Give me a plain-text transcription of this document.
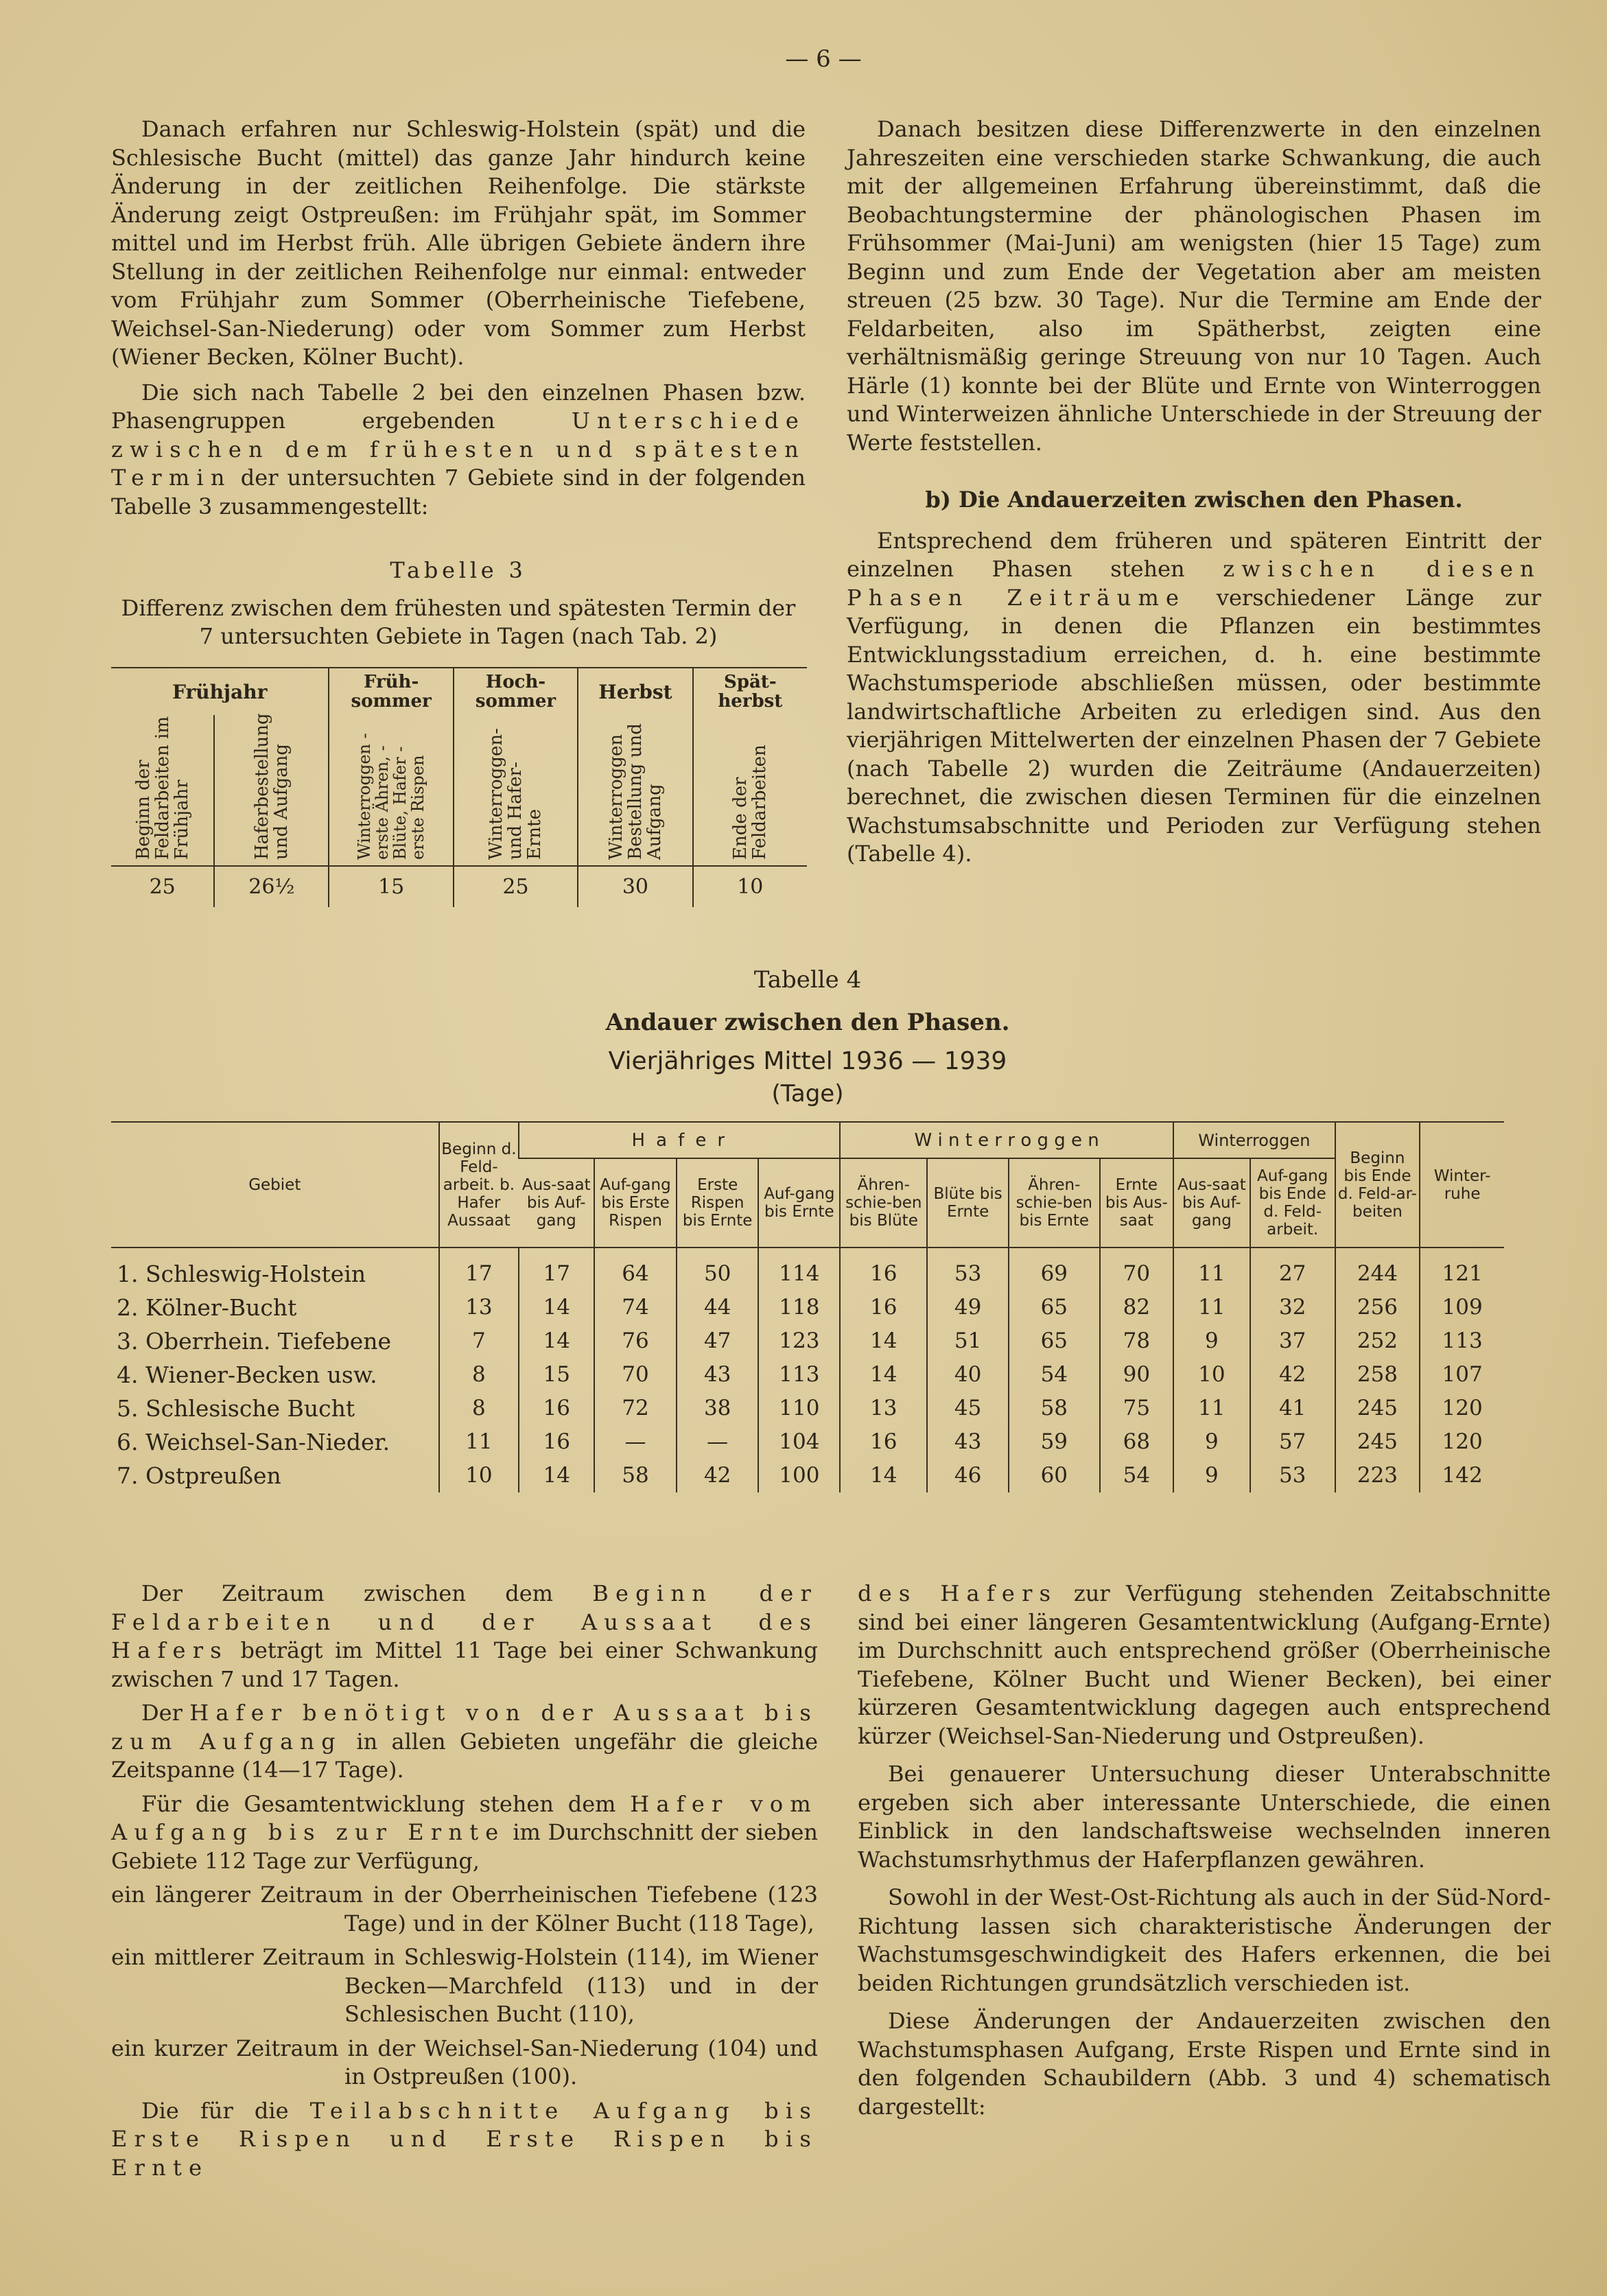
— 6 —

Danach erfahren nur Schleswig-Holstein (spät) und die Schlesische Bucht (mittel) das ganze Jahr hindurch keine Änderung in der zeitlichen Reihenfolge. Die stärkste Änderung zeigt Ostpreußen: im Frühjahr spät, im Sommer mittel und im Herbst früh. Alle übrigen Gebiete ändern ihre Stellung in der zeitlichen Reihenfolge nur einmal: entweder vom Frühjahr zum Sommer (Oberrheinische Tiefebene, Weichsel-San-Niederung) oder vom Sommer zum Herbst (Wiener Becken, Kölner Bucht).

Die sich nach Tabelle 2 bei den einzelnen Phasen bzw. Phasengruppen ergebenden	Unterschiede zwischen dem frühesten und spätesten Termin der untersuchten 7 Gebiete sind in der folgenden Tabelle 3 zusammengestellt:

Tabelle 3
Differenz zwischen dem frühesten und spätesten Termin der 7 untersuchten Gebiete in Tagen (nach Tab. 2)
Frühjahr		Früh-sommer	Hoch-sommer	Herbst	Spät-herbst
Beginn der Feldarbeiten im Frühjahr	Haferbestellung und Aufgang	Winterroggen - erste Ähren, - Blüte, Hafer - erste Rispen	Winterroggen- und Hafer-Ernte	Winterroggen Bestellung und Aufgang	Ende der Feldarbeiten
25	26½	15	25	30	10

Danach besitzen diese Differenzwerte in den einzelnen Jahreszeiten eine verschieden starke Schwankung, die auch mit der allgemeinen Erfahrung übereinstimmt, daß die Beobachtungstermine der phänologischen Phasen im Frühsommer (Mai-Juni) am wenigsten (hier 15 Tage) zum Beginn und zum Ende der Vegetation aber am meisten streuen (25 bzw. 30 Tage). Nur die Termine am Ende der Feldarbeiten, also im Spätherbst, zeigten eine verhältnismäßig geringe Streuung von nur 10 Tagen. Auch Härle (1) konnte bei der Blüte und Ernte von Winterroggen und Winterweizen ähnliche Unterschiede in der Streuung der Werte feststellen.

b) Die Andauerzeiten zwischen den Phasen.

Entsprechend dem früheren und späteren Eintritt der einzelnen Phasen stehen zwischen diesen Phasen Zeiträume verschiedener Länge zur Verfügung, in denen die Pflanzen ein bestimmtes Entwicklungsstadium erreichen, d. h. eine bestimmte Wachstumsperiode abschließen müssen, oder bestimmte landwirtschaftliche Arbeiten zu erledigen sind. Aus den vierjährigen Mittelwerten der einzelnen Phasen der 7 Gebiete (nach Tabelle 2) wurden die Zeiträume (Andauerzeiten) berechnet, die zwischen diesen Terminen für die einzelnen Wachstumsabschnitte und Perioden zur Verfügung stehen (Tabelle 4).

Tabelle 4
Andauer zwischen den Phasen.
Vierjähriges Mittel 1936 — 1939
(Tage)
Gebiet	Beginn d. Feld-arbeit. b. Hafer Aussaat	H a f e r				W i n t e r r o g g e n				Winterroggen		Beginn bis Ende d. Feld-ar-beiten	Winter-ruhe
		Aus-saat bis Auf-gang	Auf-gang bis Erste Rispen	Erste Rispen bis Ernte	Auf-gang bis Ernte	Ähren-schie-ben bis Blüte	Blüte bis Ernte	Ähren-schie-ben bis Ernte	Ernte bis Aus-saat	Aus-saat bis Auf-gang	Auf-gang bis Ende d. Feld-arbeit.		

1. Schleswig-Holstein	17	17	64	50	114	16	53	69	70	11	27	244	121
2. Kölner-Bucht	13	14	74	44	118	16	49	65	82	11	32	256	109
3. Oberrhein. Tiefebene	7	14	76	47	123	14	51	65	78	9	37	252	113
4. Wiener-Becken usw.	8	15	70	43	113	14	40	54	90	10	42	258	107
5. Schlesische Bucht	8	16	72	38	110	13	45	58	75	11	41	245	120
6. Weichsel-San-Nieder.	11	16	—	—	104	16	43	59	68	9	57	245	120
7. Ostpreußen	10	14	58	42	100	14	46	60	54	9	53	223	142

Der Zeitraum zwischen dem Beginn der Feldarbeiten und der Aussaat des Hafers beträgt im Mittel 11 Tage bei einer Schwankung zwischen 7 und 17 Tagen.

Der Hafer benötigt von der Aussaat bis zum Aufgang in allen Gebieten ungefähr die gleiche Zeitspanne (14—17 Tage).

Für die Gesamtentwicklung stehen dem Hafer vom Aufgang bis zur Ernte im Durchschnitt der sieben Gebiete 112 Tage zur Verfügung,

ein längerer Zeitraum in der Oberrheinischen Tiefebene (123 Tage) und in der Kölner Bucht (118 Tage),

ein mittlerer Zeitraum in Schleswig-Holstein (114), im Wiener Becken—Marchfeld (113) und in der Schlesischen Bucht (110),

ein kurzer Zeitraum in der Weichsel-San-Niederung (104) und in Ostpreußen (100).

Die für die Teilabschnitte Aufgang bis Erste Rispen und Erste Rispen bis Ernte

des Hafers zur Verfügung stehenden Zeitabschnitte sind bei einer längeren Gesamtentwicklung (Aufgang-Ernte) im Durchschnitt auch entsprechend größer (Oberrheinische Tiefebene, Kölner Bucht und Wiener Becken), bei einer kürzeren Gesamtentwicklung dagegen auch entsprechend kürzer (Weichsel-San-Niederung und Ostpreußen).

Bei genauerer Untersuchung dieser Unterabschnitte ergeben sich aber interessante Unterschiede, die einen Einblick in den landschaftsweise wechselnden inneren Wachstumsrhythmus der Haferpflanzen gewähren.

Sowohl in der West-Ost-Richtung als auch in der Süd-Nord-Richtung lassen sich charakteristische Änderungen der Wachstumsgeschwindigkeit des Hafers erkennen, die bei beiden Richtungen grundsätzlich verschieden ist.

Diese Änderungen der Andauerzeiten zwischen den Wachstumsphasen Aufgang, Erste Rispen und Ernte sind in den folgenden Schaubildern (Abb. 3 und 4) schematisch dargestellt:
